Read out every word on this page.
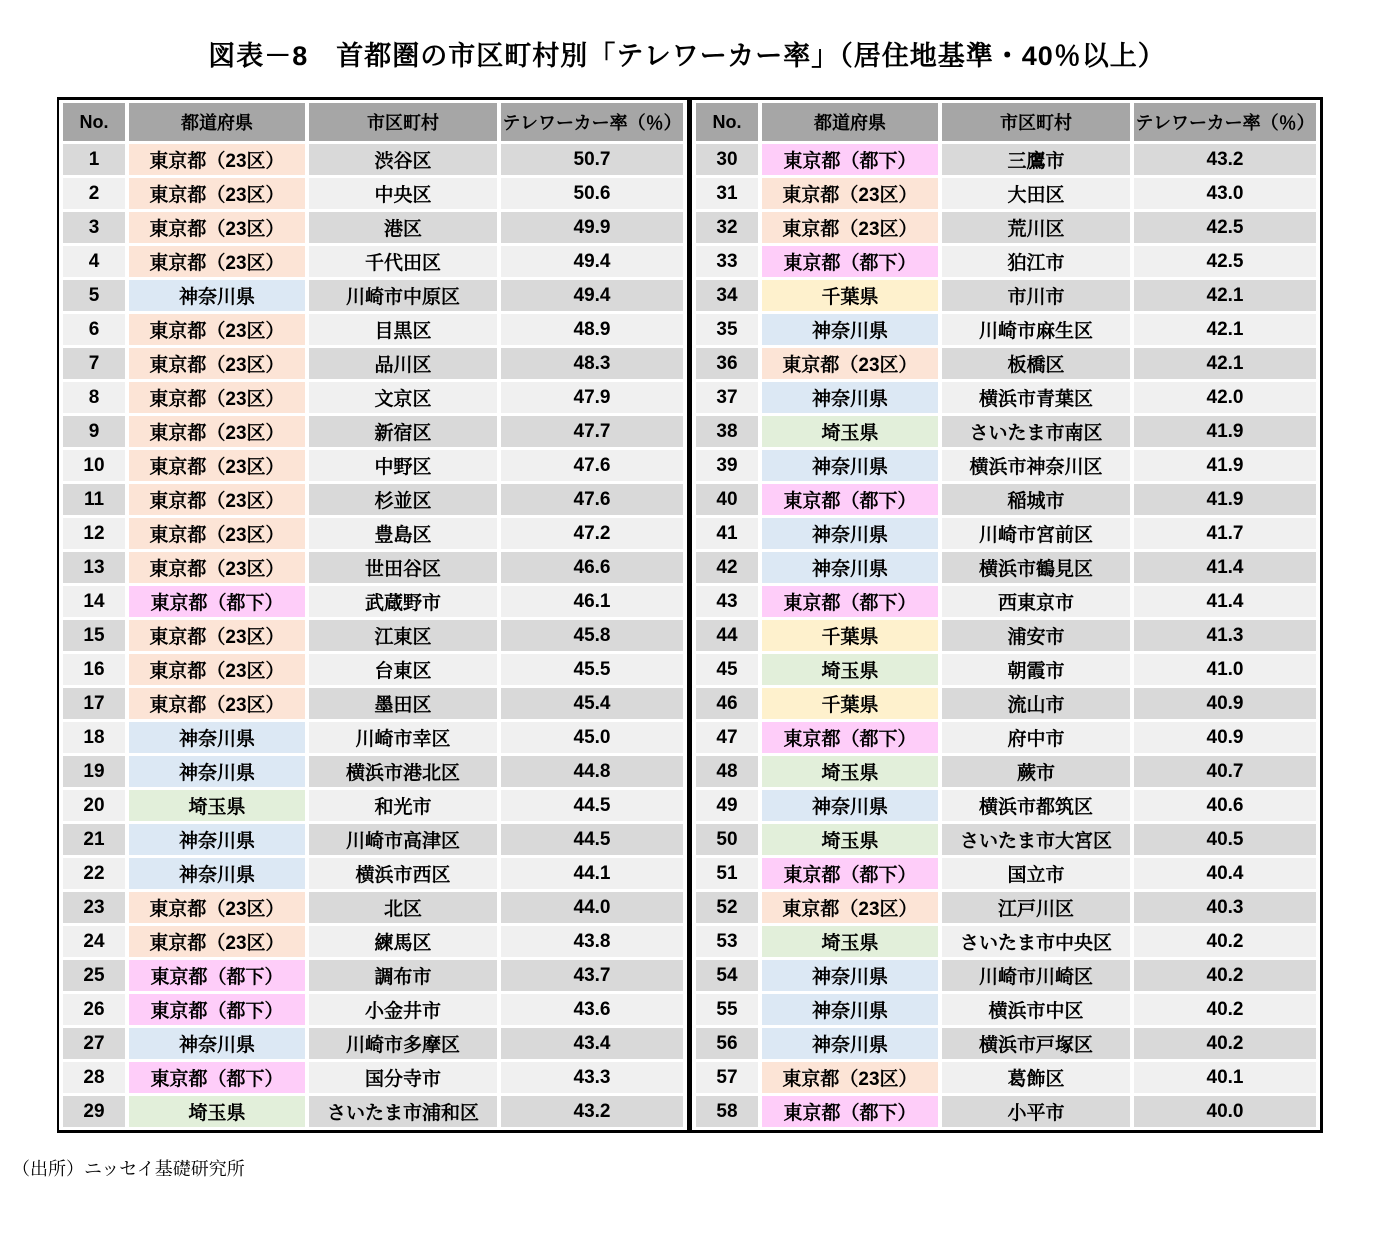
図表－8　首都圏の市区町村別「テレワーカー率」（居住地基準・40％以上）
No.	都道府県	市区町村	テレワーカー率（％）
1	東京都（23区）	渋谷区	50.7
2	東京都（23区）	中央区	50.6
3	東京都（23区）	港区	49.9
4	東京都（23区）	千代田区	49.4
5	神奈川県	川崎市中原区	49.4
6	東京都（23区）	目黒区	48.9
7	東京都（23区）	品川区	48.3
8	東京都（23区）	文京区	47.9
9	東京都（23区）	新宿区	47.7
10	東京都（23区）	中野区	47.6
11	東京都（23区）	杉並区	47.6
12	東京都（23区）	豊島区	47.2
13	東京都（23区）	世田谷区	46.6
14	東京都（都下）	武蔵野市	46.1
15	東京都（23区）	江東区	45.8
16	東京都（23区）	台東区	45.5
17	東京都（23区）	墨田区	45.4
18	神奈川県	川崎市幸区	45.0
19	神奈川県	横浜市港北区	44.8
20	埼玉県	和光市	44.5
21	神奈川県	川崎市高津区	44.5
22	神奈川県	横浜市西区	44.1
23	東京都（23区）	北区	44.0
24	東京都（23区）	練馬区	43.8
25	東京都（都下）	調布市	43.7
26	東京都（都下）	小金井市	43.6
27	神奈川県	川崎市多摩区	43.4
28	東京都（都下）	国分寺市	43.3
29	埼玉県	さいたま市浦和区	43.2
No.	都道府県	市区町村	テレワーカー率（％）
30	東京都（都下）	三鷹市	43.2
31	東京都（23区）	大田区	43.0
32	東京都（23区）	荒川区	42.5
33	東京都（都下）	狛江市	42.5
34	千葉県	市川市	42.1
35	神奈川県	川崎市麻生区	42.1
36	東京都（23区）	板橋区	42.1
37	神奈川県	横浜市青葉区	42.0
38	埼玉県	さいたま市南区	41.9
39	神奈川県	横浜市神奈川区	41.9
40	東京都（都下）	稲城市	41.9
41	神奈川県	川崎市宮前区	41.7
42	神奈川県	横浜市鶴見区	41.4
43	東京都（都下）	西東京市	41.4
44	千葉県	浦安市	41.3
45	埼玉県	朝霞市	41.0
46	千葉県	流山市	40.9
47	東京都（都下）	府中市	40.9
48	埼玉県	蕨市	40.7
49	神奈川県	横浜市都筑区	40.6
50	埼玉県	さいたま市大宮区	40.5
51	東京都（都下）	国立市	40.4
52	東京都（23区）	江戸川区	40.3
53	埼玉県	さいたま市中央区	40.2
54	神奈川県	川崎市川崎区	40.2
55	神奈川県	横浜市中区	40.2
56	神奈川県	横浜市戸塚区	40.2
57	東京都（23区）	葛飾区	40.1
58	東京都（都下）	小平市	40.0
（出所）ニッセイ基礎研究所
